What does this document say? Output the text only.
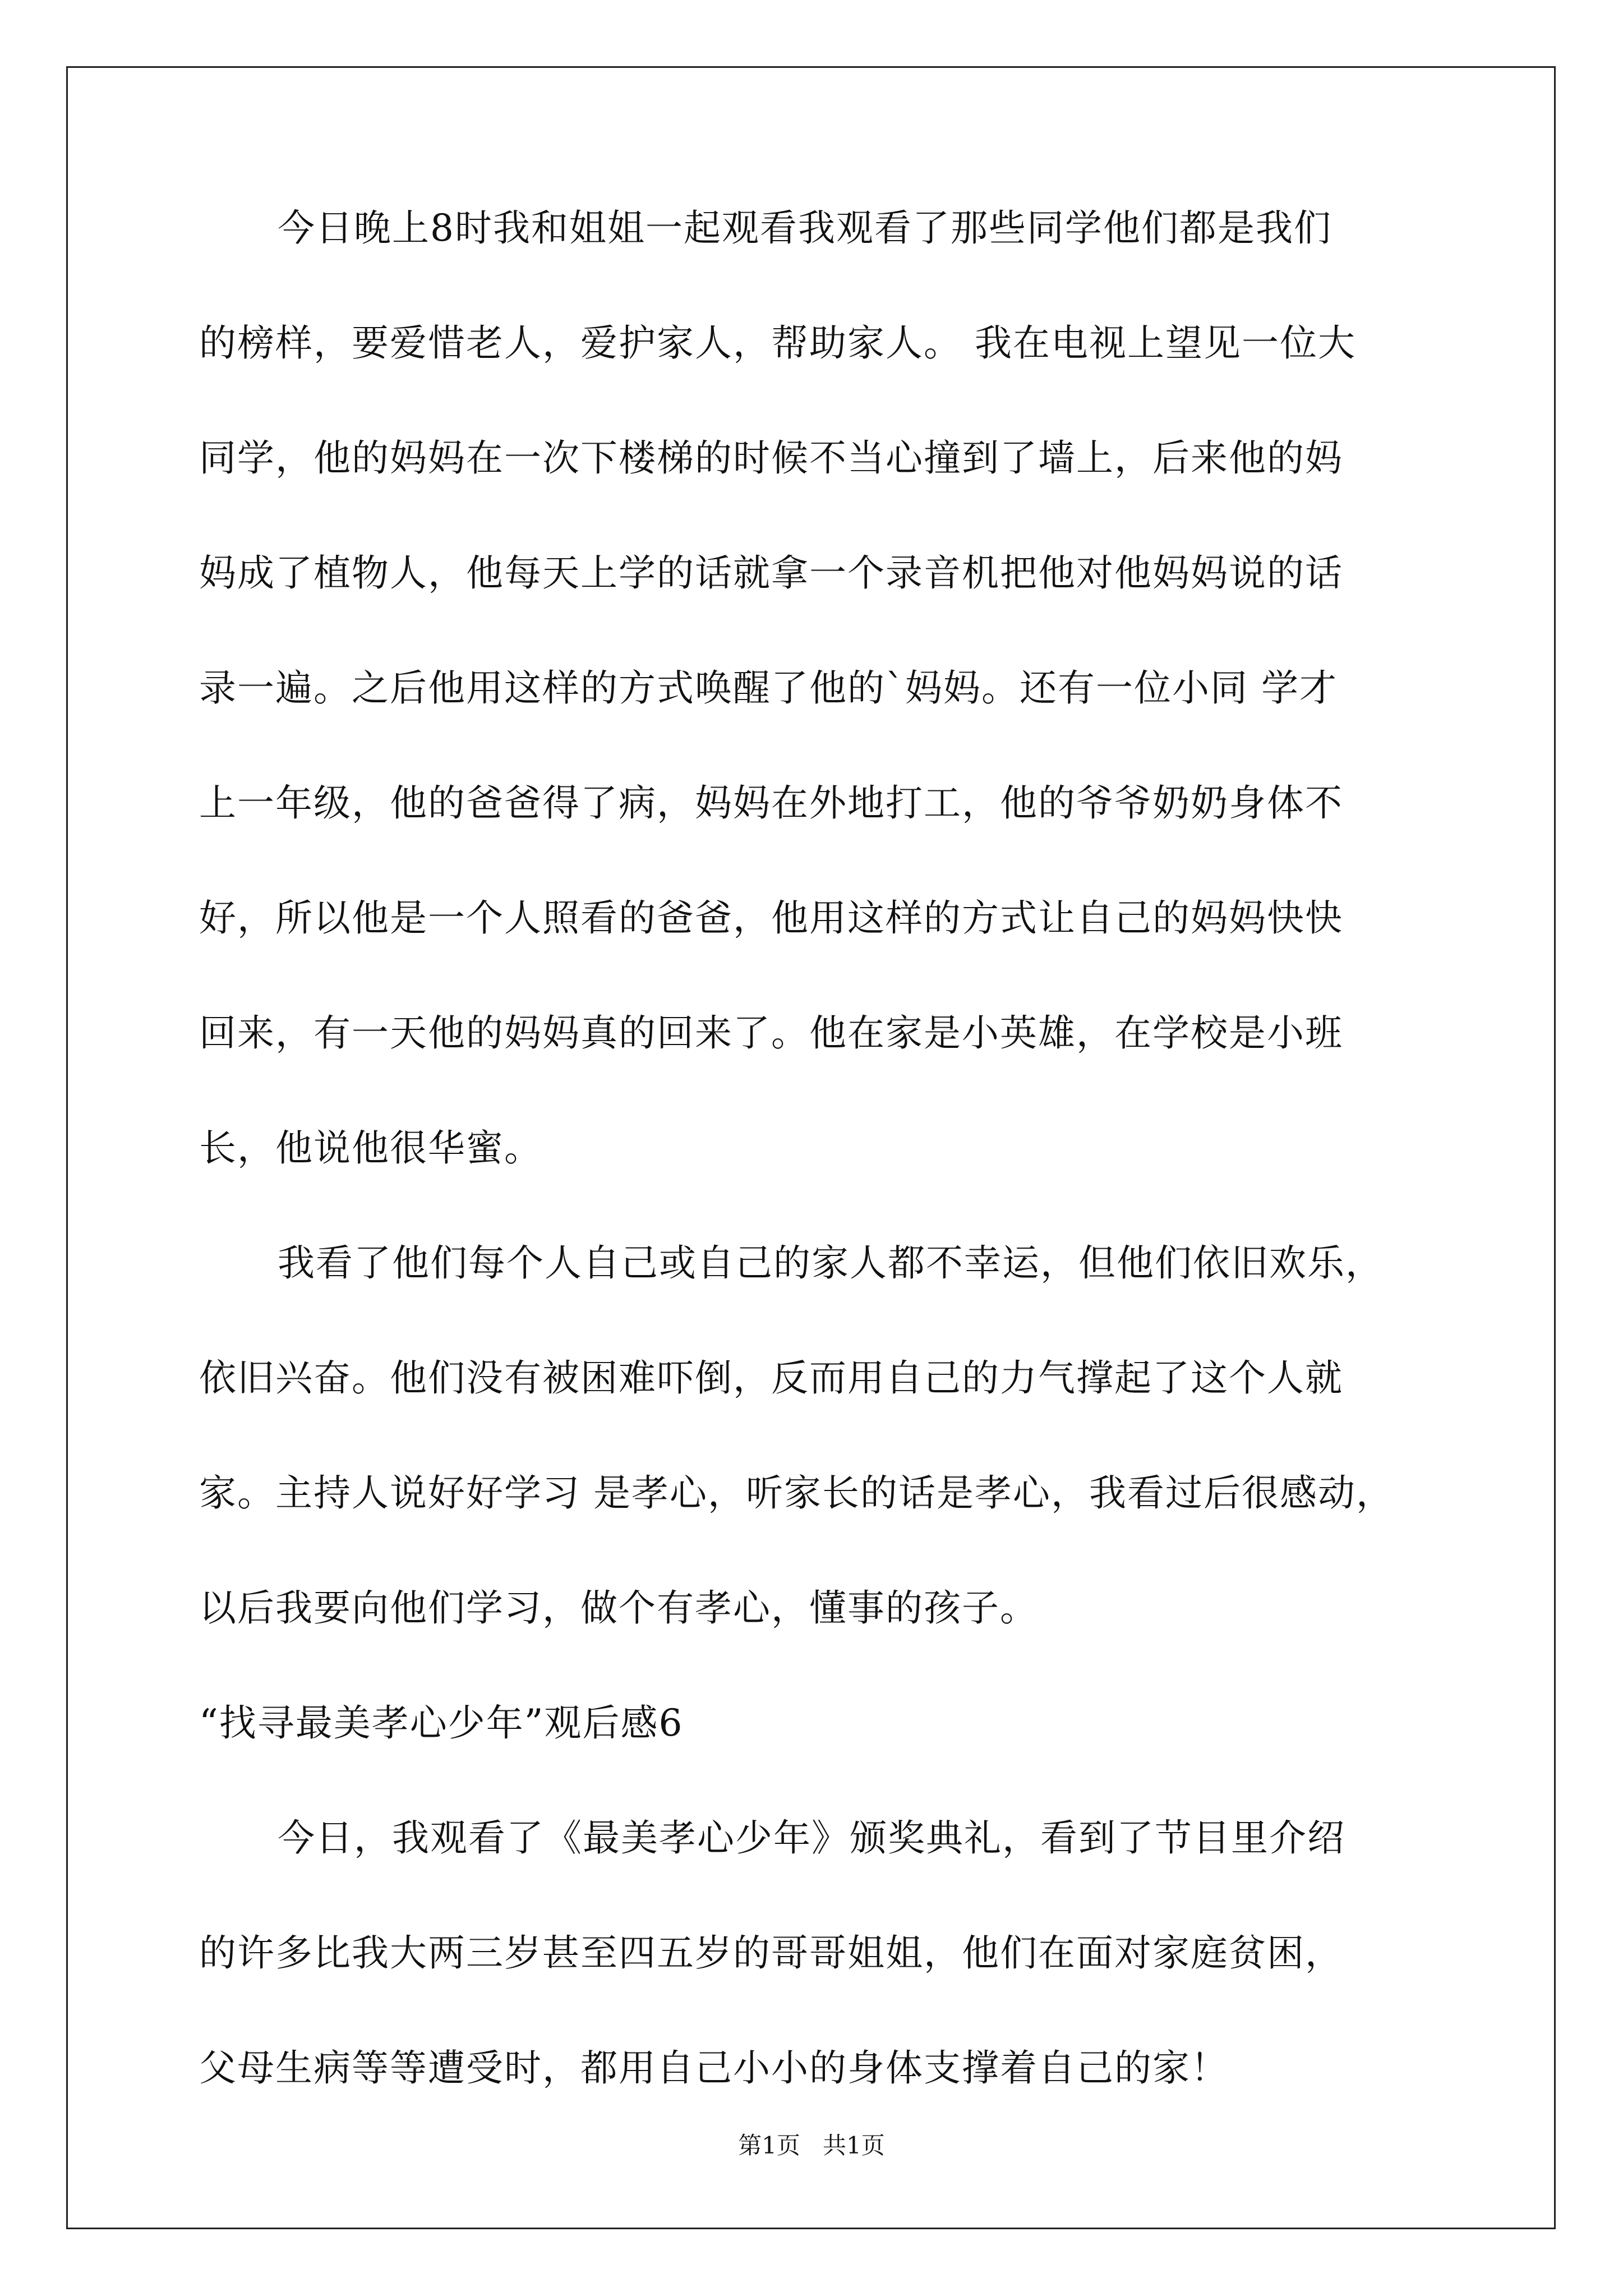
今日晚上8时我和姐姐一起观看我观看了那些同学他们都是我们
的榜样，要爱惜老人，爱护家人，帮助家人。 我在电视上望见一位大
同学，他的妈妈在一次下楼梯的时候不当心撞到了墙上，后来他的妈
妈成了植物人，他每天上学的话就拿一个录音机把他对他妈妈说的话
录一遍。之后他用这样的方式唤醒了他的`妈妈。还有一位小同 学才
上一年级，他的爸爸得了病，妈妈在外地打工，他的爷爷奶奶身体不
好，所以他是一个人照看的爸爸，他用这样的方式让自己的妈妈快快
回来，有一天他的妈妈真的回来了。他在家是小英雄，在学校是小班
长，他说他很华蜜。
我看了他们每个人自己或自己的家人都不幸运，但他们依旧欢乐，
依旧兴奋。他们没有被困难吓倒，反而用自己的力气撑起了这个人就
家。主持人说好好学习 是孝心，听家长的话是孝心，我看过后很感动，
以后我要向他们学习，做个有孝心，懂事的孩子。
“找寻最美孝心少年”观后感6
今日，我观看了《最美孝心少年》颁奖典礼，看到了节目里介绍
的许多比我大两三岁甚至四五岁的哥哥姐姐，他们在面对家庭贫困，
父母生病等等遭受时，都用自己小小的身体支撑着自己的家！
第1页   共1页
